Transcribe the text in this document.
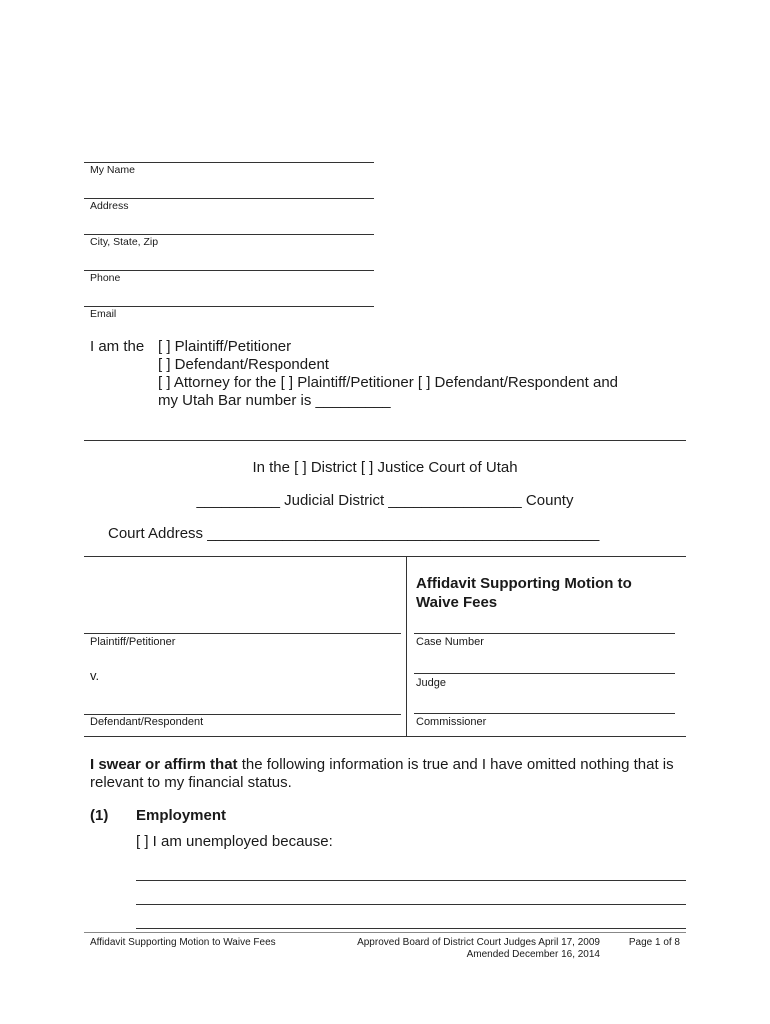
My Name
Address
City, State, Zip
Phone
Email
I am the [ ] Plaintiff/Petitioner
[ ] Defendant/Respondent
[ ] Attorney for the [ ] Plaintiff/Petitioner [ ] Defendant/Respondent and
my Utah Bar number is _________
In the [ ] District [ ] Justice Court of Utah
__________ Judicial District ________________ County
Court Address _______________________________________________
Affidavit Supporting Motion to
Waive Fees
Plaintiff/Petitioner
v.
Defendant/Respondent
Case Number
Judge
Commissioner
I swear or affirm that the following information is true and I have omitted nothing that is
relevant to my financial status.
(1) Employment
[ ] I am unemployed because:
Affidavit Supporting Motion to Waive Fees	Approved Board of District Court Judges April 17, 2009
Amended December 16, 2014
Page 1 of 8
